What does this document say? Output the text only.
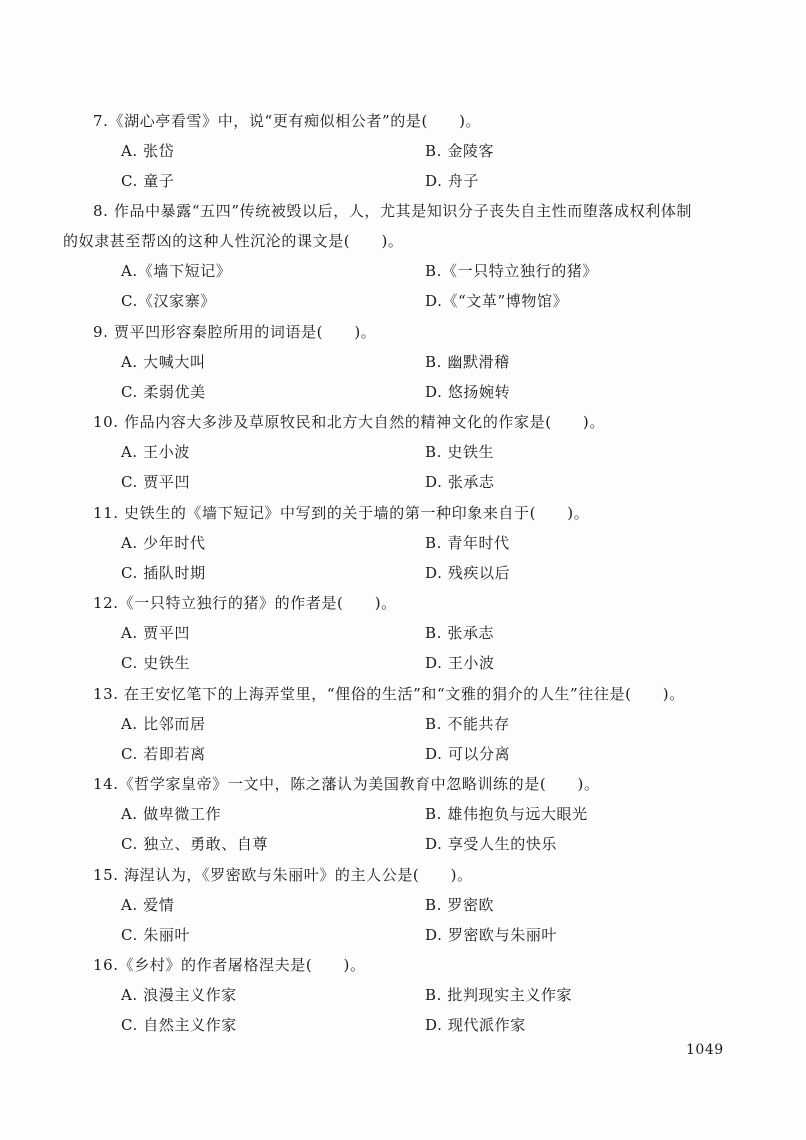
7.《湖心亭看雪》中，说“更有痴似相公者”的是(　　)。
A. 张岱	B. 金陵客
C. 童子	D. 舟子
8. 作品中暴露“五四”传统被毁以后，人，尤其是知识分子丧失自主性而堕落成权利体制
的奴隶甚至帮凶的这种人性沉沦的课文是(　　)。
A.《墙下短记》	B.《一只特立独行的猪》
C.《汉家寨》	D.《“文革”博物馆》
9. 贾平凹形容秦腔所用的词语是(　　)。
A. 大喊大叫	B. 幽默滑稽
C. 柔弱优美	D. 悠扬婉转
10. 作品内容大多涉及草原牧民和北方大自然的精神文化的作家是(　　)。
A. 王小波	B. 史铁生
C. 贾平凹	D. 张承志
11. 史铁生的《墙下短记》中写到的关于墙的第一种印象来自于(　　)。
A. 少年时代	B. 青年时代
C. 插队时期	D. 残疾以后
12.《一只特立独行的猪》的作者是(　　)。
A. 贾平凹	B. 张承志
C. 史铁生	D. 王小波
13. 在王安忆笔下的上海弄堂里，“俚俗的生活”和“文雅的狷介的人生”往往是(　　)。
A. 比邻而居	B. 不能共存
C. 若即若离	D. 可以分离
14.《哲学家皇帝》一文中，陈之藩认为美国教育中忽略训练的是(　　)。
A. 做卑微工作	B. 雄伟抱负与远大眼光
C. 独立、勇敢、自尊	D. 享受人生的快乐
15. 海涅认为，《罗密欧与朱丽叶》的主人公是(　　)。
A. 爱情	B. 罗密欧
C. 朱丽叶	D. 罗密欧与朱丽叶
16.《乡村》的作者屠格涅夫是(　　)。
A. 浪漫主义作家	B. 批判现实主义作家
C. 自然主义作家	D. 现代派作家
1049
